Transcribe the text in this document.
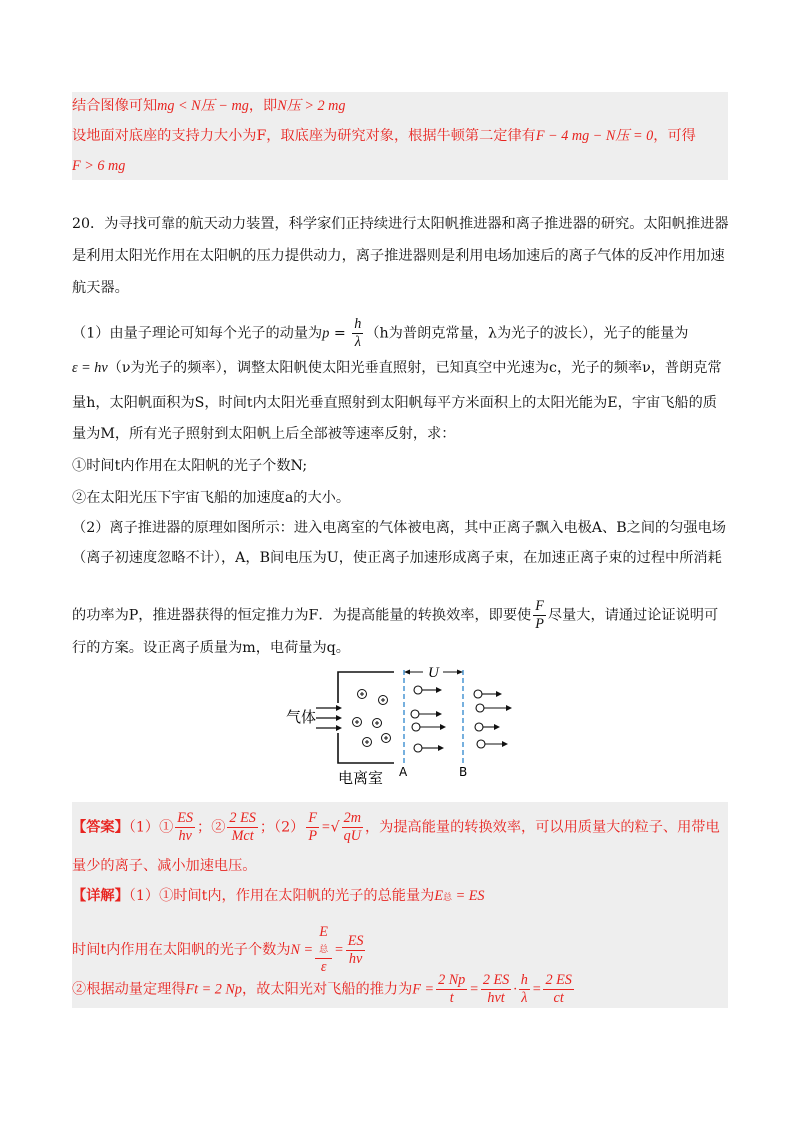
结合图像可知mg < N压 − mg，即N压 > 2 mg
设地面对底座的支持力大小为F，取底座为研究对象，根据牛顿第二定律有F − 4 mg − N压 = 0，可得
F > 6 mg
20．为寻找可靠的航天动力装置，科学家们正持续进行太阳帆推进器和离子推进器的研究。太阳帆推进器
是利用太阳光作用在太阳帆的压力提供动力，离子推进器则是利用电场加速后的离子气体的反冲作用加速
航天器。
（1）由量子理论可知每个光子的动量为$p = \frac{h}{\lambda} (h$为普朗克常量，λ为光子的波长），光子的能量为
ε = hν（ν为光子的频率），调整太阳帆使太阳光垂直照射，已知真空中光速为c，光子的频率ν，普朗克常
量h，太阳帆面积为S，时间t内太阳光垂直照射到太阳帆每平方米面积上的太阳光能为E，宇宙飞船的质
量为M，所有光子照射到太阳帆上后全部被等速率反射，求：
①时间t内作用在太阳帆的光子个数N;
②在太阳光压下宇宙飞船的加速度a的大小。
（2）离子推进器的原理如图所示：进入电离室的气体被电离，其中正离子飘入电极A、B之间的匀强电场
（离子初速度忽略不计），A，B间电压为U，使正离子加速形成离子束，在加速正离子束的过程中所消耗
的功率为P，推进器获得的恒定推力为F．为提高能量的转换效率，即要使 $\frac{F}{P}$ 尽量大，请通过论证说明可
行的方案。设正离子质量为m，电荷量为q。
气体
U
A	B
电离室
【答案】（1）① $\frac{ES}{h\nu}$ ；② $\frac{2 ES}{\text{Mct}}$ ；$(2) \frac{F}{P}$ =√ $\frac{2m}{qU}$ ，为提高能量的转换效率，可以用质量大的粒子、用带电
量少的离子、减小加速电压。
【详解】（1）①时间t内，作用在太阳帆的光子的总能量为E总 = ES
时间t内作用在太阳帆的光子个数为N = E
总
$\varepsilon = \frac{ES}{h\nu}$
②根据动量定理得Ft = 2 Np，故太阳光对飞船的推力为$F = \frac{2 Np}{t} = \frac{2 ES}{\text{hνt}} \cdot \frac{h}{\lambda} = \frac{2 ES}{ct}$
